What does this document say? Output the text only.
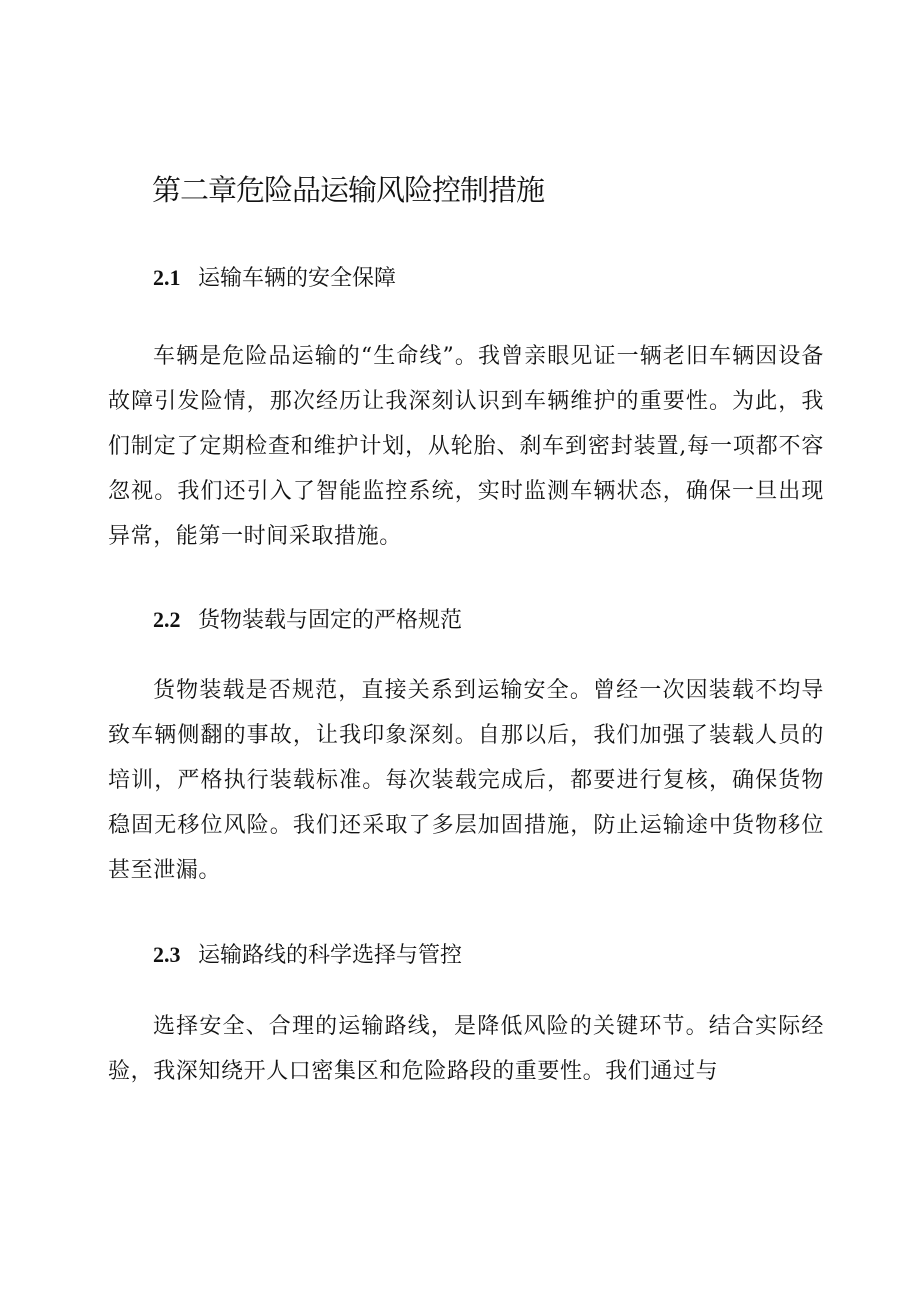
第二章危险品运输风险控制措施
2.1 运输车辆的安全保障

车辆是危险品运输的“生命线”。我曾亲眼见证一辆老旧车辆因设备故障引发险情，那次经历让我深刻认识到车辆维护的重要性。为此，我们制定了定期检查和维护计划，从轮胎、刹车到密封装置,每一项都不容忽视。我们还引入了智能监控系统，实时监测车辆状态，确保一旦出现异常，能第一时间采取措施。

2.2 货物装载与固定的严格规范

货物装载是否规范，直接关系到运输安全。曾经一次因装载不均导致车辆侧翻的事故，让我印象深刻。自那以后，我们加强了装载人员的培训，严格执行装载标准。每次装载完成后，都要进行复核，确保货物稳固无移位风险。我们还采取了多层加固措施，防止运输途中货物移位甚至泄漏。

2.3 运输路线的科学选择与管控

选择安全、合理的运输路线，是降低风险的关键环节。结合实际经验，我深知绕开人口密集区和危险路段的重要性。我们通过与
